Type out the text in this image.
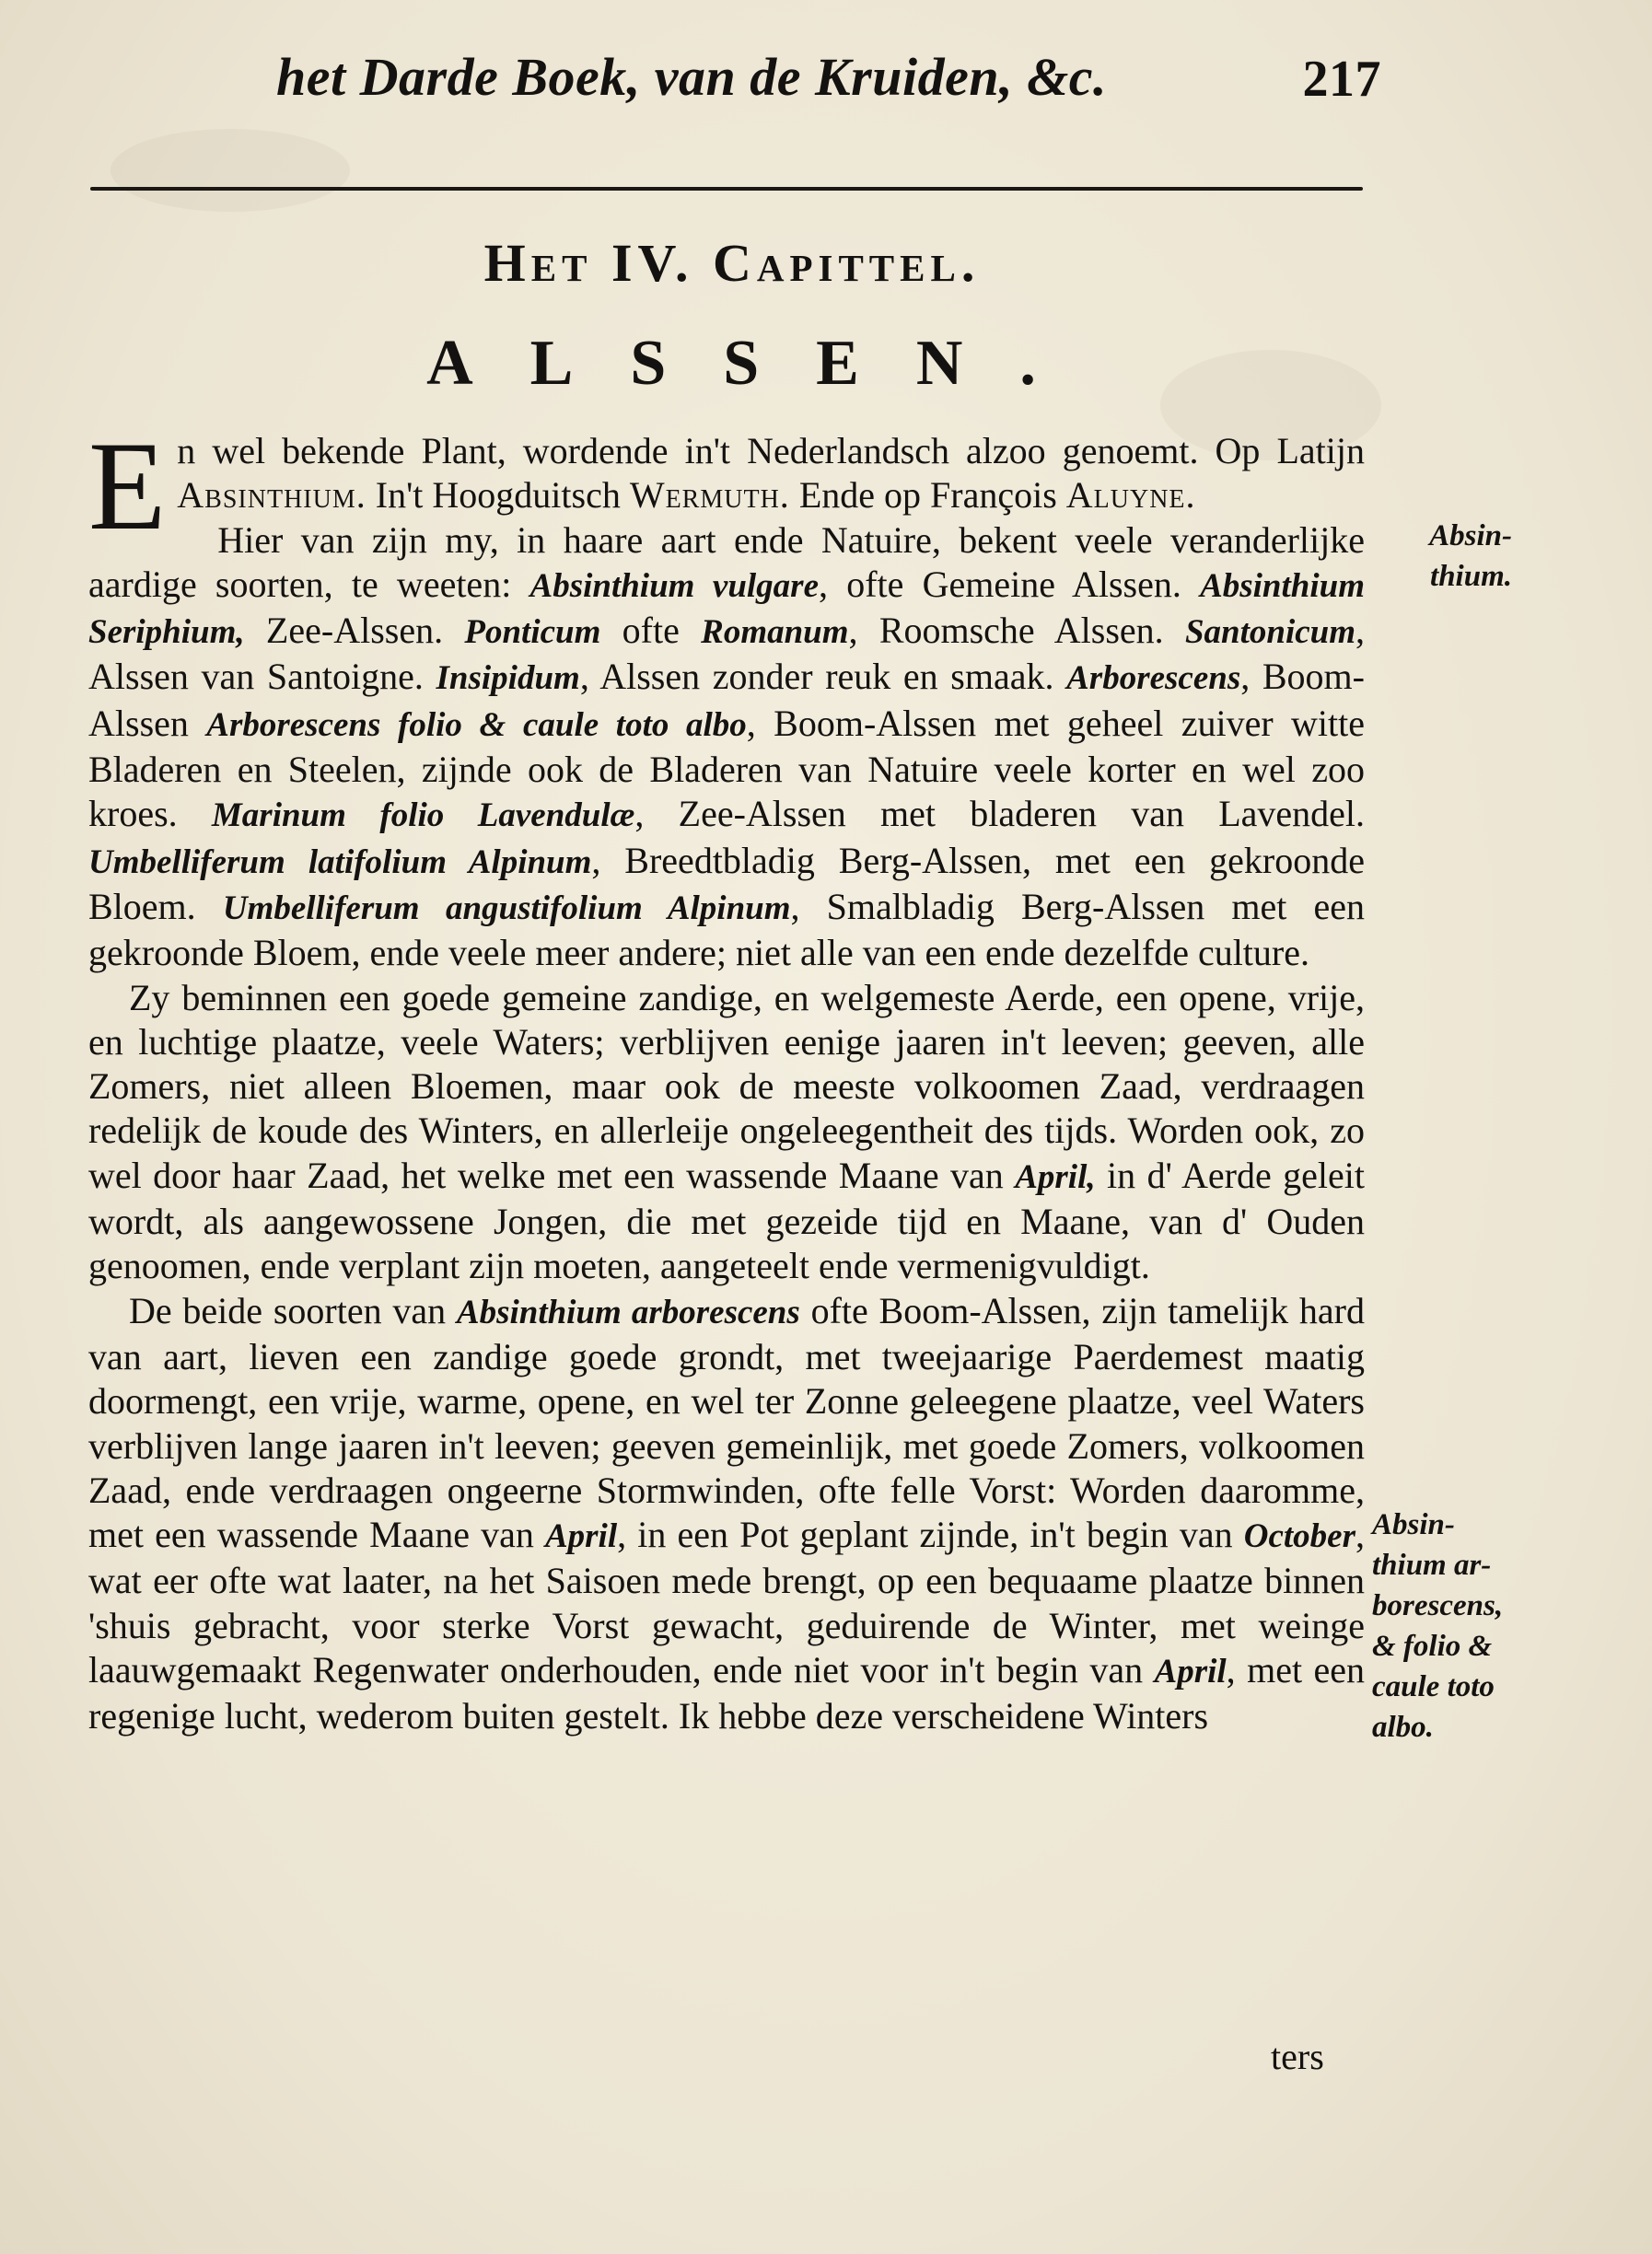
het Darde Boek, van de Kruiden, &c.	217
Het IV. Capittel.
ALSSEN.

En wel bekende Plant, wordende in't Nederlandsch alzoo genoemt. Op Latijn Absinthium. In't Hoogduitsch Wermuth. Ende op François Aluyne.

Hier van zijn my, in haare aart ende Natuire, bekent veele veranderlijke aardige soorten, te weeten: Absinthium vulgare, ofte Gemeine Alssen. Absinthium Seriphium, Zee-Alssen. Ponticum ofte Romanum, Roomsche Alssen. Santonicum, Alssen van Santoigne. Insipidum, Alssen zonder reuk en smaak. Arborescens, Boom-Alssen Arborescens folio & caule toto albo, Boom-Alssen met geheel zuiver witte Bladeren en Steelen, zijnde ook de Bladeren van Natuire veele korter en wel zoo kroes. Marinum folio Lavendulæ, Zee-Alssen met bladeren van Lavendel. Umbelliferum latifolium Alpinum, Breedtbladig Berg-Alssen, met een gekroonde Bloem. Umbelliferum angustifolium Alpinum, Smalbladig Berg-Alssen met een gekroonde Bloem, ende veele meer andere; niet alle van een ende dezelfde culture.

Zy beminnen een goede gemeine zandige, en welgemeste Aerde, een opene, vrije, en luchtige plaatze, veele Waters; verblijven eenige jaaren in't leeven; geeven, alle Zomers, niet alleen Bloemen, maar ook de meeste volkoomen Zaad, verdraagen redelijk de koude des Winters, en allerleije ongeleegentheit des tijds. Worden ook, zo wel door haar Zaad, het welke met een wassende Maane van April, in d' Aerde geleit wordt, als aangewossene Jongen, die met gezeide tijd en Maane, van d' Ouden genoomen, ende verplant zijn moeten, aangeteelt ende vermenigvuldigt.

De beide soorten van Absinthium arborescens ofte Boom-Alssen, zijn tamelijk hard van aart, lieven een zandige goede grondt, met tweejaarige Paerdemest maatig doormengt, een vrije, warme, opene, en wel ter Zonne geleegene plaatze, veel Waters verblijven lange jaaren in't leeven; geeven gemeinlijk, met goede Zomers, volkoomen Zaad, ende verdraagen ongeerne Stormwinden, ofte felle Vorst: Worden daaromme, met een wassende Maane van April, in een Pot geplant zijnde, in't begin van October, wat eer ofte wat laater, na het Saisoen mede brengt, op een bequaame plaatze binnen 'shuis gebracht, voor sterke Vorst gewacht, geduirende de Winter, met weinge laauwgemaakt Regenwater onderhouden, ende niet voor in't begin van April, met een regenige lucht, wederom buiten gestelt. Ik hebbe deze verscheidene Winters

ters
Absin-
thium.
Absin-
thium ar-
borescens,
& folio &
caule toto
albo.
